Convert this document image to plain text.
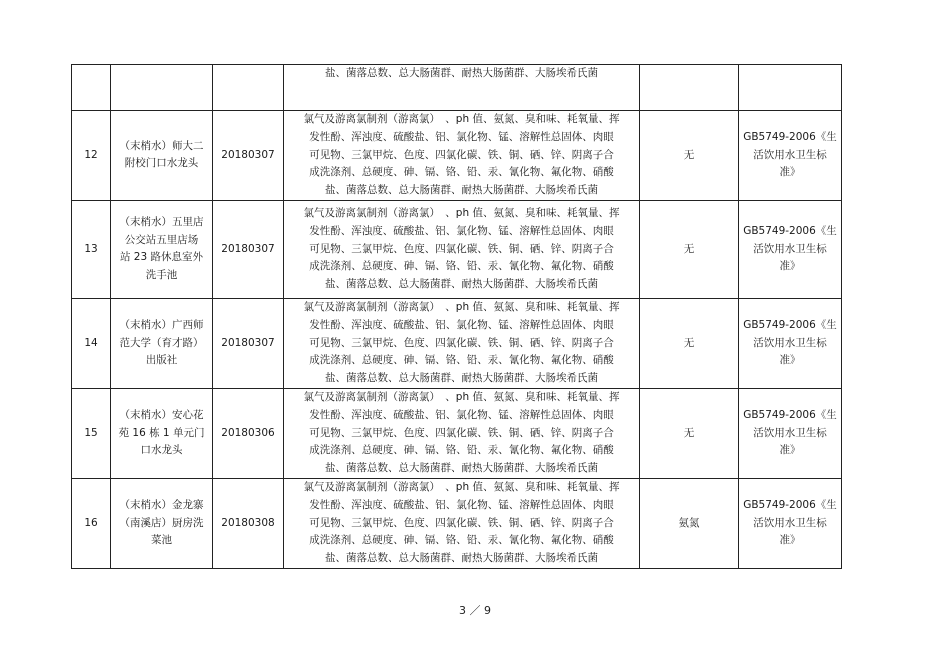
			盐、菌落总数、总大肠菌群、耐热大肠菌群、大肠埃希氏菌		

12	（末梢水）师大二
附校门口水龙头	20180307	氯气及游离氯制剂（游离氯）　、ph 值、氨氮、臭和味、耗氧量、挥
发性酚、浑浊度、硫酸盐、铝、氯化物、锰、溶解性总固体、肉眼
可见物、三氯甲烷、色度、四氯化碳、铁、铜、硒、锌、阴离子合
成洗涤剂、总硬度、砷、镉、铬、铅、汞、氰化物、氟化物、硝酸
盐、菌落总数、总大肠菌群、耐热大肠菌群、大肠埃希氏菌	无	GB5749-2006《生
活饮用水卫生标
准》

13	（末梢水）五里店
公交站五里店场
站 23 路休息室外
洗手池	20180307	氯气及游离氯制剂（游离氯）　、ph 值、氨氮、臭和味、耗氧量、挥
发性酚、浑浊度、硫酸盐、铝、氯化物、锰、溶解性总固体、肉眼
可见物、三氯甲烷、色度、四氯化碳、铁、铜、硒、锌、阴离子合
成洗涤剂、总硬度、砷、镉、铬、铅、汞、氰化物、氟化物、硝酸
盐、菌落总数、总大肠菌群、耐热大肠菌群、大肠埃希氏菌	无	GB5749-2006《生
活饮用水卫生标
准》

14	（末梢水）广西师
范大学（育才路）
出版社	20180307	氯气及游离氯制剂（游离氯）　、ph 值、氨氮、臭和味、耗氧量、挥
发性酚、浑浊度、硫酸盐、铝、氯化物、锰、溶解性总固体、肉眼
可见物、三氯甲烷、色度、四氯化碳、铁、铜、硒、锌、阴离子合
成洗涤剂、总硬度、砷、镉、铬、铅、汞、氰化物、氟化物、硝酸
盐、菌落总数、总大肠菌群、耐热大肠菌群、大肠埃希氏菌	无	GB5749-2006《生
活饮用水卫生标
准》

15	（末梢水）安心花
苑 16 栋 1 单元门
口水龙头	20180306	氯气及游离氯制剂（游离氯）　、ph 值、氨氮、臭和味、耗氧量、挥
发性酚、浑浊度、硫酸盐、铝、氯化物、锰、溶解性总固体、肉眼
可见物、三氯甲烷、色度、四氯化碳、铁、铜、硒、锌、阴离子合
成洗涤剂、总硬度、砷、镉、铬、铅、汞、氰化物、氟化物、硝酸
盐、菌落总数、总大肠菌群、耐热大肠菌群、大肠埃希氏菌	无	GB5749-2006《生
活饮用水卫生标
准》

16	（末梢水）金龙寨
（南溪店）厨房洗
菜池	20180308	氯气及游离氯制剂（游离氯）　、ph 值、氨氮、臭和味、耗氧量、挥
发性酚、浑浊度、硫酸盐、铝、氯化物、锰、溶解性总固体、肉眼
可见物、三氯甲烷、色度、四氯化碳、铁、铜、硒、锌、阴离子合
成洗涤剂、总硬度、砷、镉、铬、铅、汞、氰化物、氟化物、硝酸
盐、菌落总数、总大肠菌群、耐热大肠菌群、大肠埃希氏菌	氨氮	GB5749-2006《生
活饮用水卫生标
准》
3 ／ 9
